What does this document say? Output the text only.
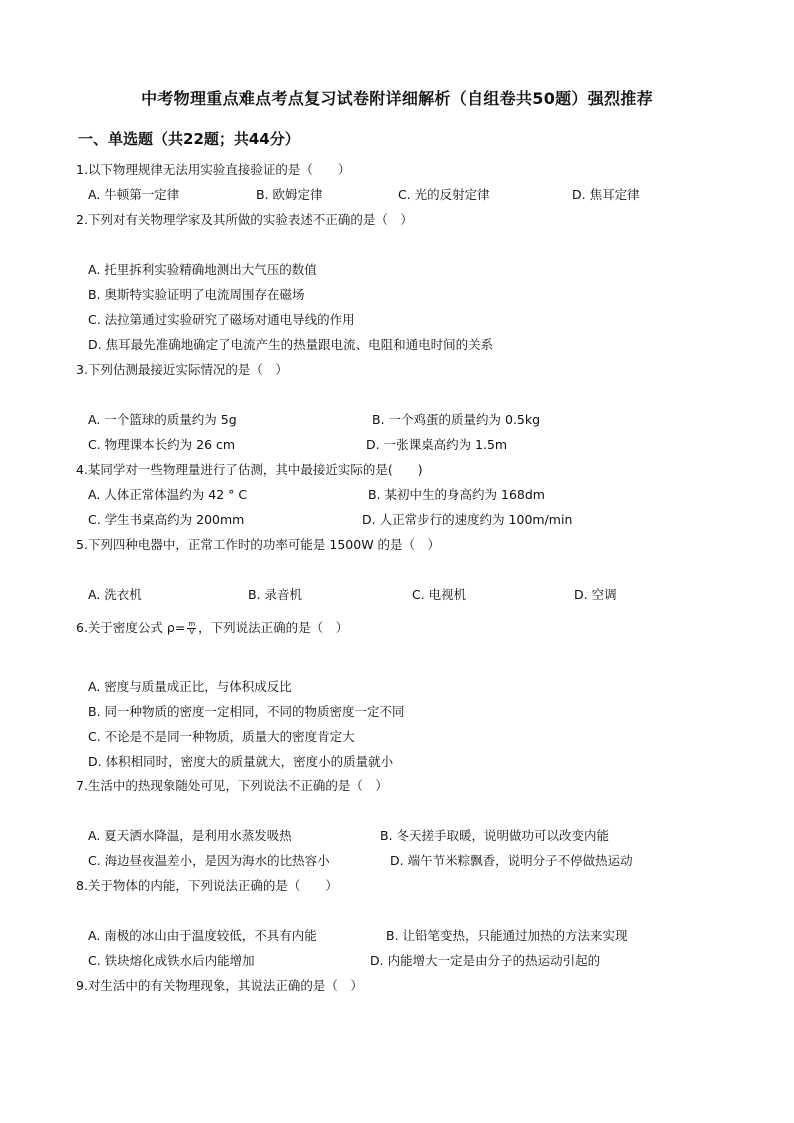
中考物理重点难点考点复习试卷附详细解析（自组卷共50题）强烈推荐
一、单选题（共22题；共44分）
1.以下物理规律无法用实验直接验证的是（　　）
A. 牛顿第一定律	B. 欧姆定律	C. 光的反射定律	D. 焦耳定律
2.下列对有关物理学家及其所做的实验表述不正确的是（　）
A. 托里拆利实验精确地测出大气压的数值
B. 奥斯特实验证明了电流周围存在磁场
C. 法拉第通过实验研究了磁场对通电导线的作用
D. 焦耳最先准确地确定了电流产生的热量跟电流、电阻和通电时间的关系
3.下列估测最接近实际情况的是（　）
A. 一个篮球的质量约为 5g	B. 一个鸡蛋的质量约为 0.5kg
C. 物理课本长约为 26 cm	D. 一张课桌高约为 1.5m
4.某同学对一些物理量进行了估测，其中最接近实际的是(　　)
A. 人体正常体温约为 42 ° C	B. 某初中生的身高约为 168dm
C. 学生书桌高约为 200mm	D. 人正常步行的速度约为 100m/min
5.下列四种电器中，正常工作时的功率可能是 1500W 的是（　）
A. 洗衣机	B. 录音机	C. 电视机	D. 空调
6.关于密度公式 $\rho= \frac{m}{V}$ ，下列说法正确的是（　）
A. 密度与质量成正比，与体积成反比
B. 同一种物质的密度一定相同，不同的物质密度一定不同
C. 不论是不是同一种物质，质量大的密度肯定大
D. 体积相同时，密度大的质量就大，密度小的质量就小
7.生活中的热现象随处可见，下列说法不正确的是（　）
A. 夏天洒水降温，是利用水蒸发吸热	B. 冬天搓手取暖，说明做功可以改变内能
C. 海边昼夜温差小，是因为海水的比热容小	D. 端午节米粽飘香，说明分子不停做热运动
8.关于物体的内能，下列说法正确的是（　　）
A. 南极的冰山由于温度较低，不具有内能	B. 让铅笔变热，只能通过加热的方法来实现
C. 铁块熔化成铁水后内能增加	D. 内能增大一定是由分子的热运动引起的
9.对生活中的有关物理现象，其说法正确的是（　）
